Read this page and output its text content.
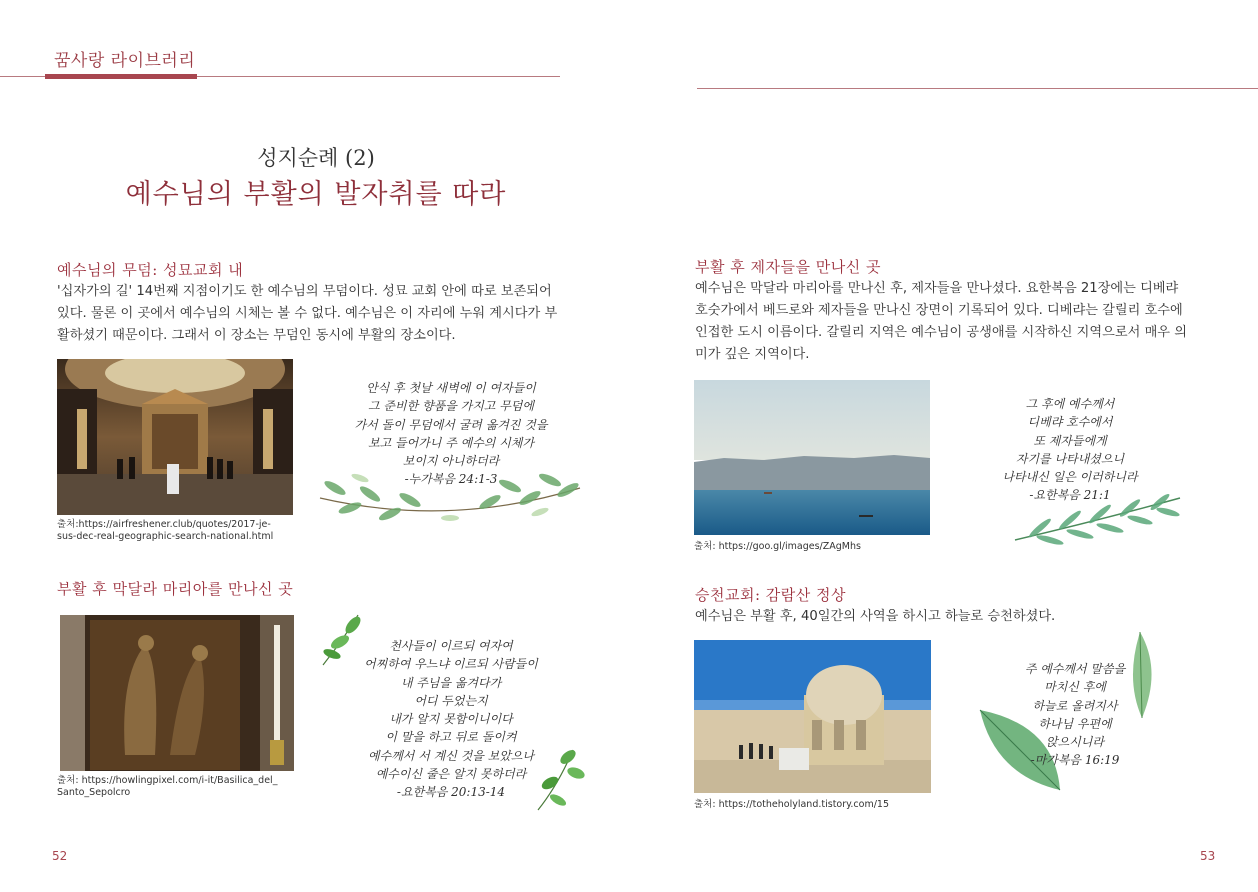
꿈사랑 라이브러리
성지순례 (2)
예수님의 부활의 발자취를 따라
예수님의 무덤: 성묘교회 내
'십자가의 길' 14번째 지점이기도 한 예수님의 무덤이다. 성묘 교회 안에 따로 보존되어
있다. 물론 이 곳에서 예수님의 시체는 볼 수 없다. 예수님은 이 자리에 누워 계시다가 부
활하셨기 때문이다. 그래서 이 장소는 무덤인 동시에 부활의 장소이다.
출처:https://airfreshener.club/quotes/2017-je-
sus-dec-real-geographic-search-national.html
안식 후 첫날 새벽에 이 여자들이
그 준비한 향품을 가지고 무덤에
가서 돌이 무덤에서 굴려 옮겨진 것을
보고 들어가니 주 예수의 시체가
보이지 아니하더라
-누가복음 24:1-3
부활 후 막달라 마리아를 만나신 곳
출처: https://howlingpixel.com/i-it/Basilica_del_
Santo_Sepolcro
천사들이 이르되 여자여
어찌하여 우느냐 이르되 사람들이
내 주님을 옮겨다가
어디 두었는지
내가 알지 못함이니이다
이 말을 하고 뒤로 돌이켜
예수께서 서 계신 것을 보았으나
예수이신 줄은 알지 못하더라
-요한복음 20:13-14
52
부활 후 제자들을 만나신 곳
예수님은 막달라 마리아를 만나신 후, 제자들을 만나셨다. 요한복음 21장에는 디베랴
호숫가에서 베드로와 제자들을 만나신 장면이 기록되어 있다. 디베랴는 갈릴리 호수에
인접한 도시 이름이다. 갈릴리 지역은 예수님이 공생애를 시작하신 지역으로서 매우 의
미가 깊은 지역이다.
출처: https://goo.gl/images/ZAgMhs
그 후에 예수께서
디베랴 호수에서
또 제자들에게
자기를 나타내셨으니
나타내신 일은 이러하니라
-요한복음 21:1
승천교회: 감람산 정상
예수님은 부활 후, 40일간의 사역을 하시고 하늘로 승천하셨다.
출처: https://totheholyland.tistory.com/15
주 예수께서 말씀을
마치신 후에
하늘로 올려지사
하나님 우편에
앉으시니라
-마가복음 16:19
53
